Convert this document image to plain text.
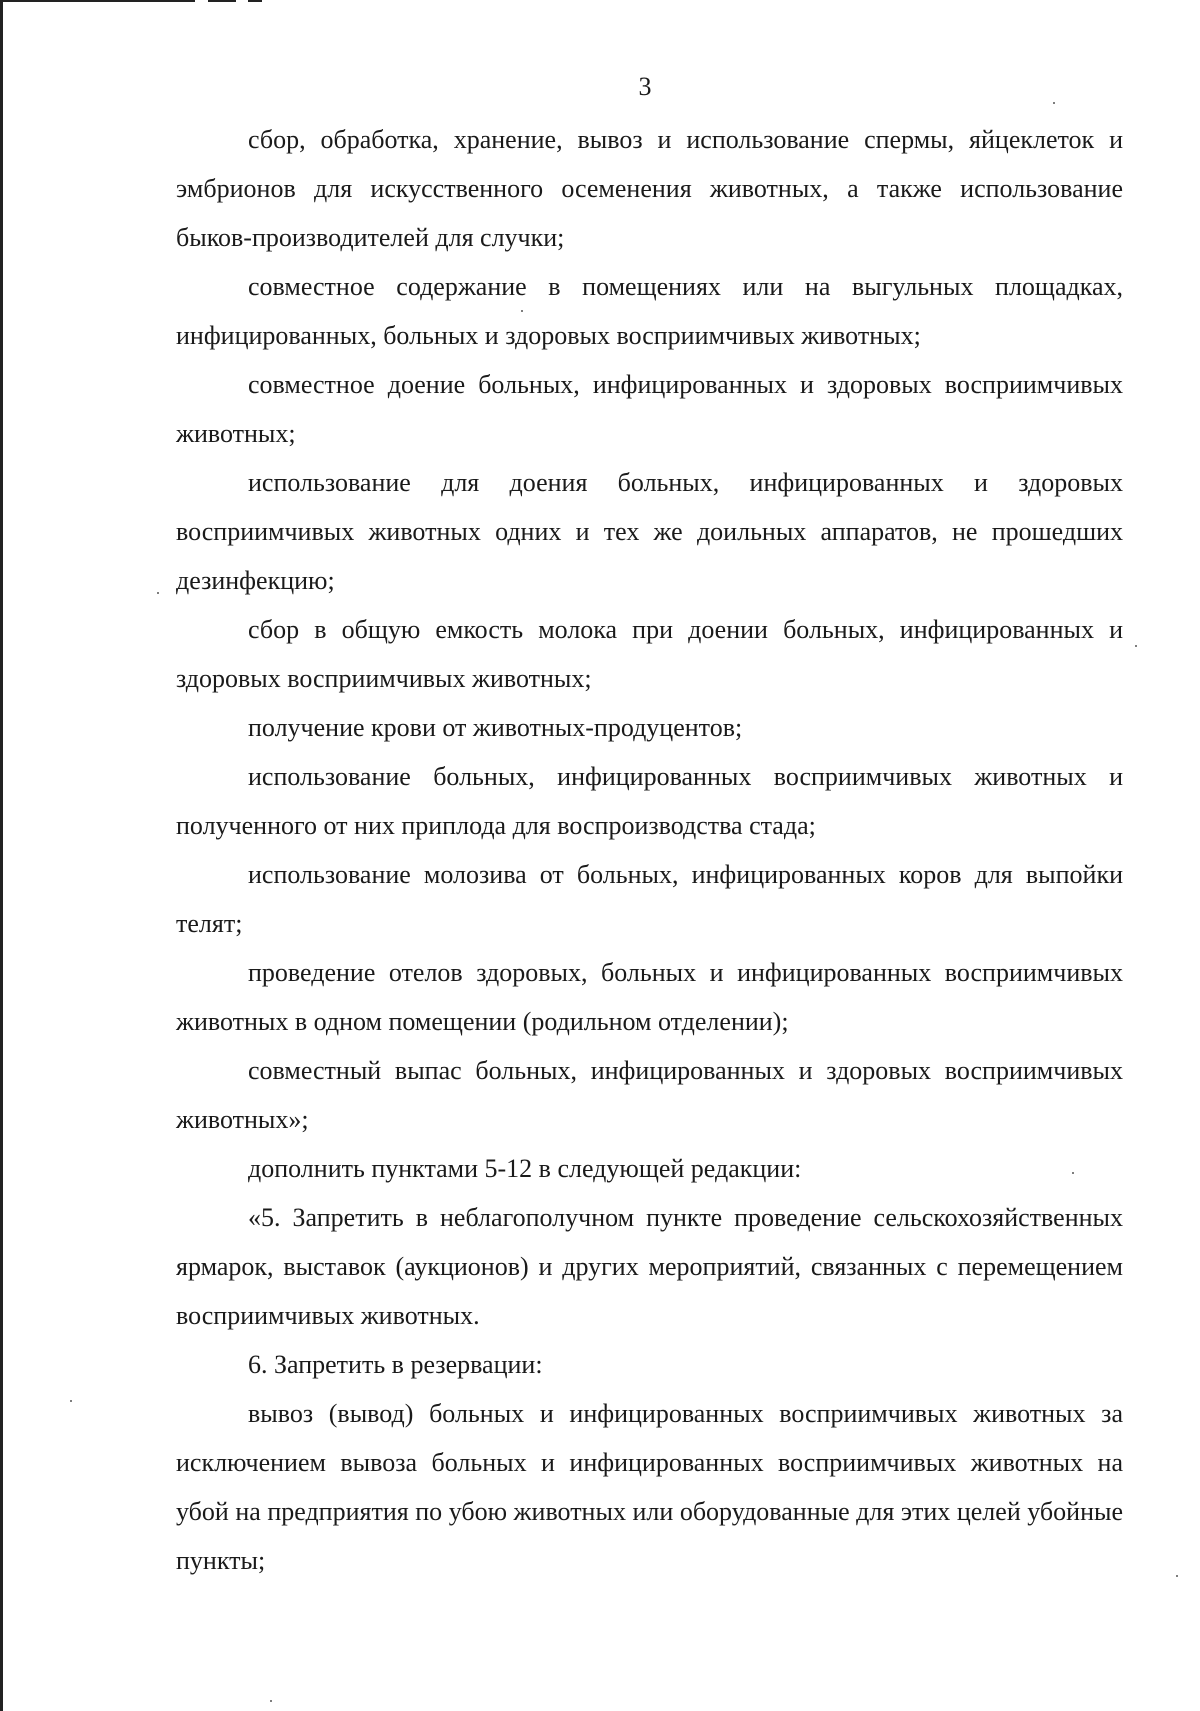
3

сбор, обработка, хранение, вывоз и использование спермы, яйцеклеток и эмбрионов для искусственного осеменения животных, а также использование быков-производителей для случки;

совместное содержание в помещениях или на выгульных площадках, инфицированных, больных и здоровых восприимчивых животных;

совместное доение больных, инфицированных и здоровых восприимчивых животных;

использование для доения больных, инфицированных и здоровых восприимчивых животных одних и тех же доильных аппаратов, не прошедших дезинфекцию;

сбор в общую емкость молока при доении больных, инфицированных и здоровых восприимчивых животных;

получение крови от животных-продуцентов;

использование больных, инфицированных восприимчивых животных и полученного от них приплода для воспроизводства стада;

использование молозива от больных, инфицированных коров для выпойки телят;

проведение отелов здоровых, больных и инфицированных восприимчивых животных в одном помещении (родильном отделении);

совместный выпас больных, инфицированных и здоровых восприимчивых животных»;

дополнить пунктами 5-12 в следующей редакции:

«5. Запретить в неблагополучном пункте проведение сельскохозяйственных ярмарок, выставок (аукционов) и других мероприятий, связанных с перемещением восприимчивых животных.

6. Запретить в резервации:

вывоз (вывод) больных и инфицированных восприимчивых животных за исключением вывоза больных и инфицированных восприимчивых животных на убой на предприятия по убою животных или оборудованные для этих целей убойные пункты;
